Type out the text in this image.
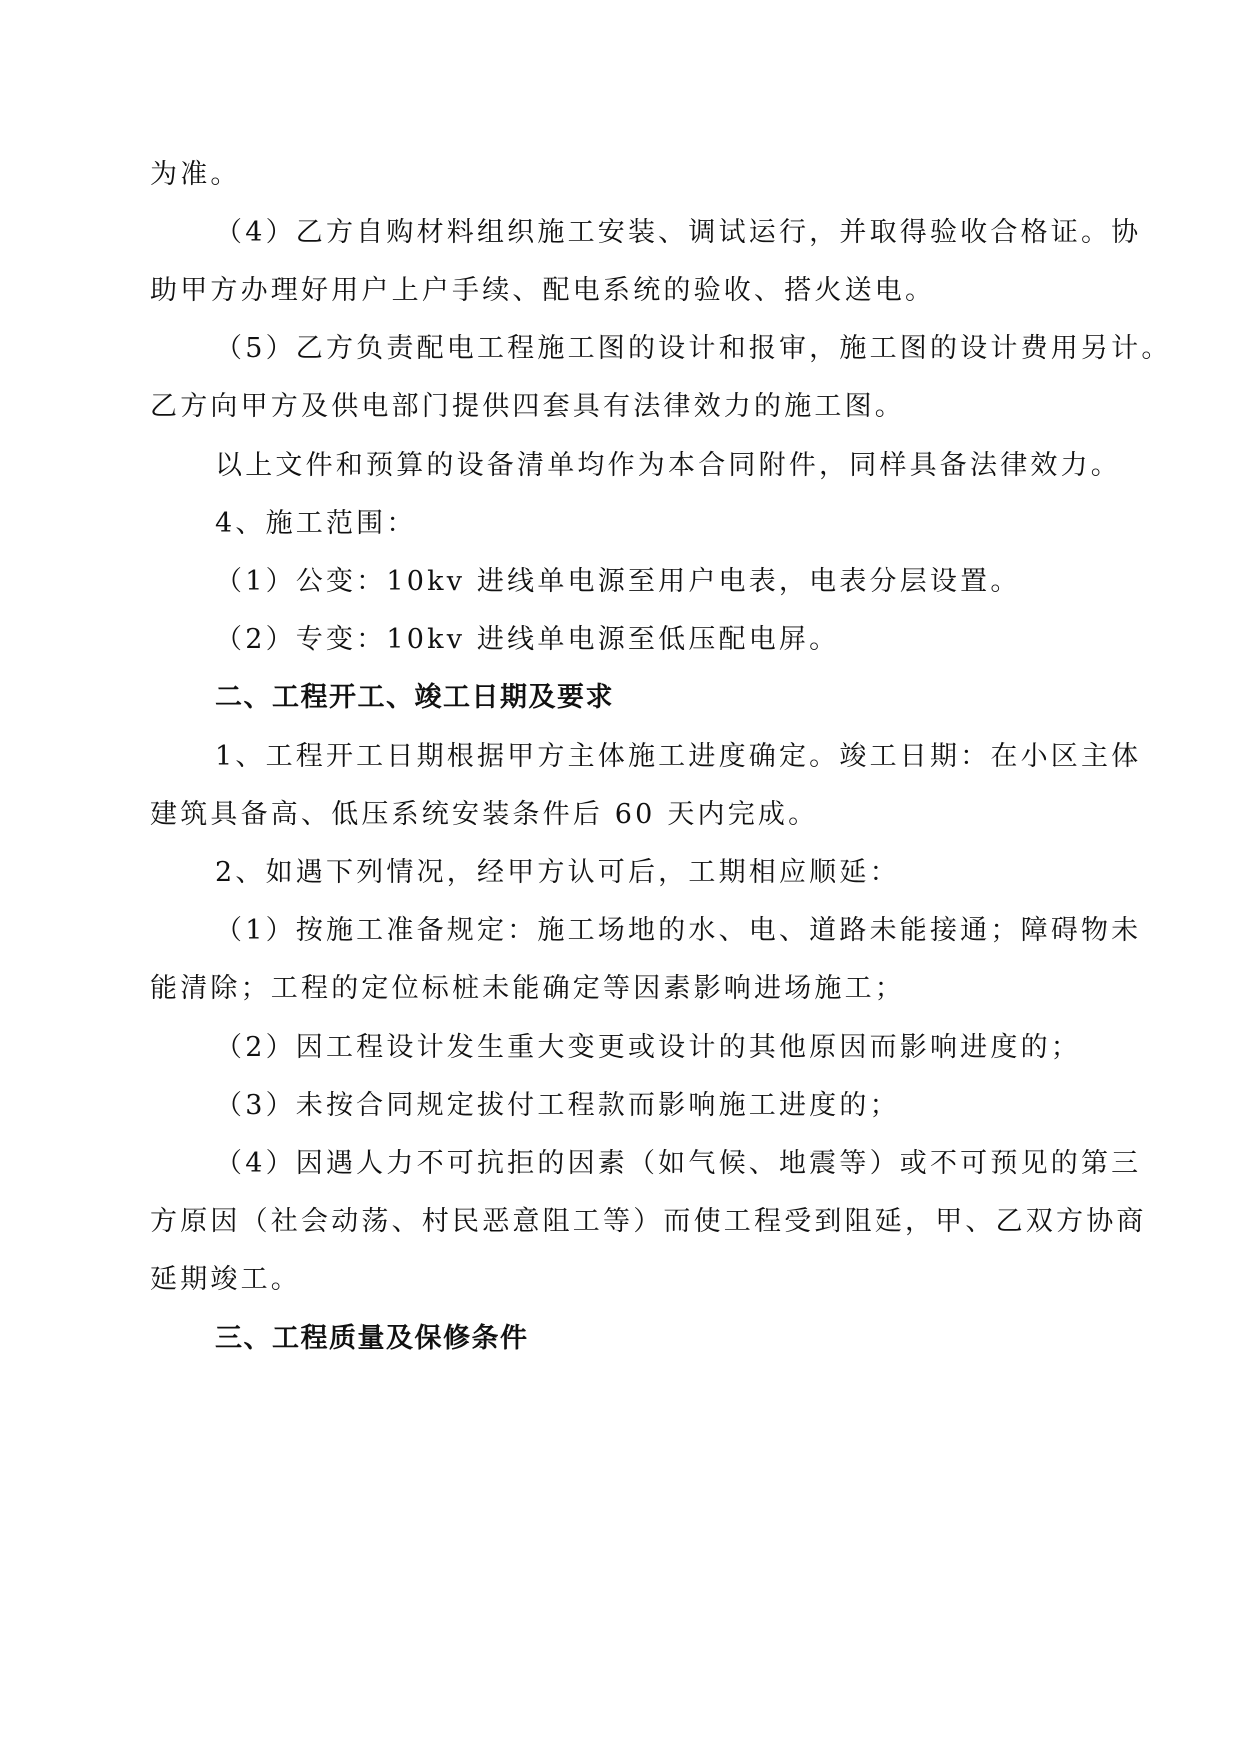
为准。
（4）乙方自购材料组织施工安装、调试运行，并取得验收合格证。协
助甲方办理好用户上户手续、配电系统的验收、搭火送电。
（5）乙方负责配电工程施工图的设计和报审，施工图的设计费用另计。
乙方向甲方及供电部门提供四套具有法律效力的施工图。
以上文件和预算的设备清单均作为本合同附件，同样具备法律效力。
4、施工范围：
（1）公变：10kv 进线单电源至用户电表，电表分层设置。
（2）专变：10kv 进线单电源至低压配电屏。
二、工程开工、竣工日期及要求
1、工程开工日期根据甲方主体施工进度确定。竣工日期：在小区主体
建筑具备高、低压系统安装条件后 60 天内完成。
2、如遇下列情况，经甲方认可后，工期相应顺延：
（1）按施工准备规定：施工场地的水、电、道路未能接通；障碍物未
能清除；工程的定位标桩未能确定等因素影响进场施工；
（2）因工程设计发生重大变更或设计的其他原因而影响进度的；
（3）未按合同规定拔付工程款而影响施工进度的；
（4）因遇人力不可抗拒的因素（如气候、地震等）或不可预见的第三
方原因（社会动荡、村民恶意阻工等）而使工程受到阻延，甲、乙双方协商
延期竣工。
三、工程质量及保修条件
